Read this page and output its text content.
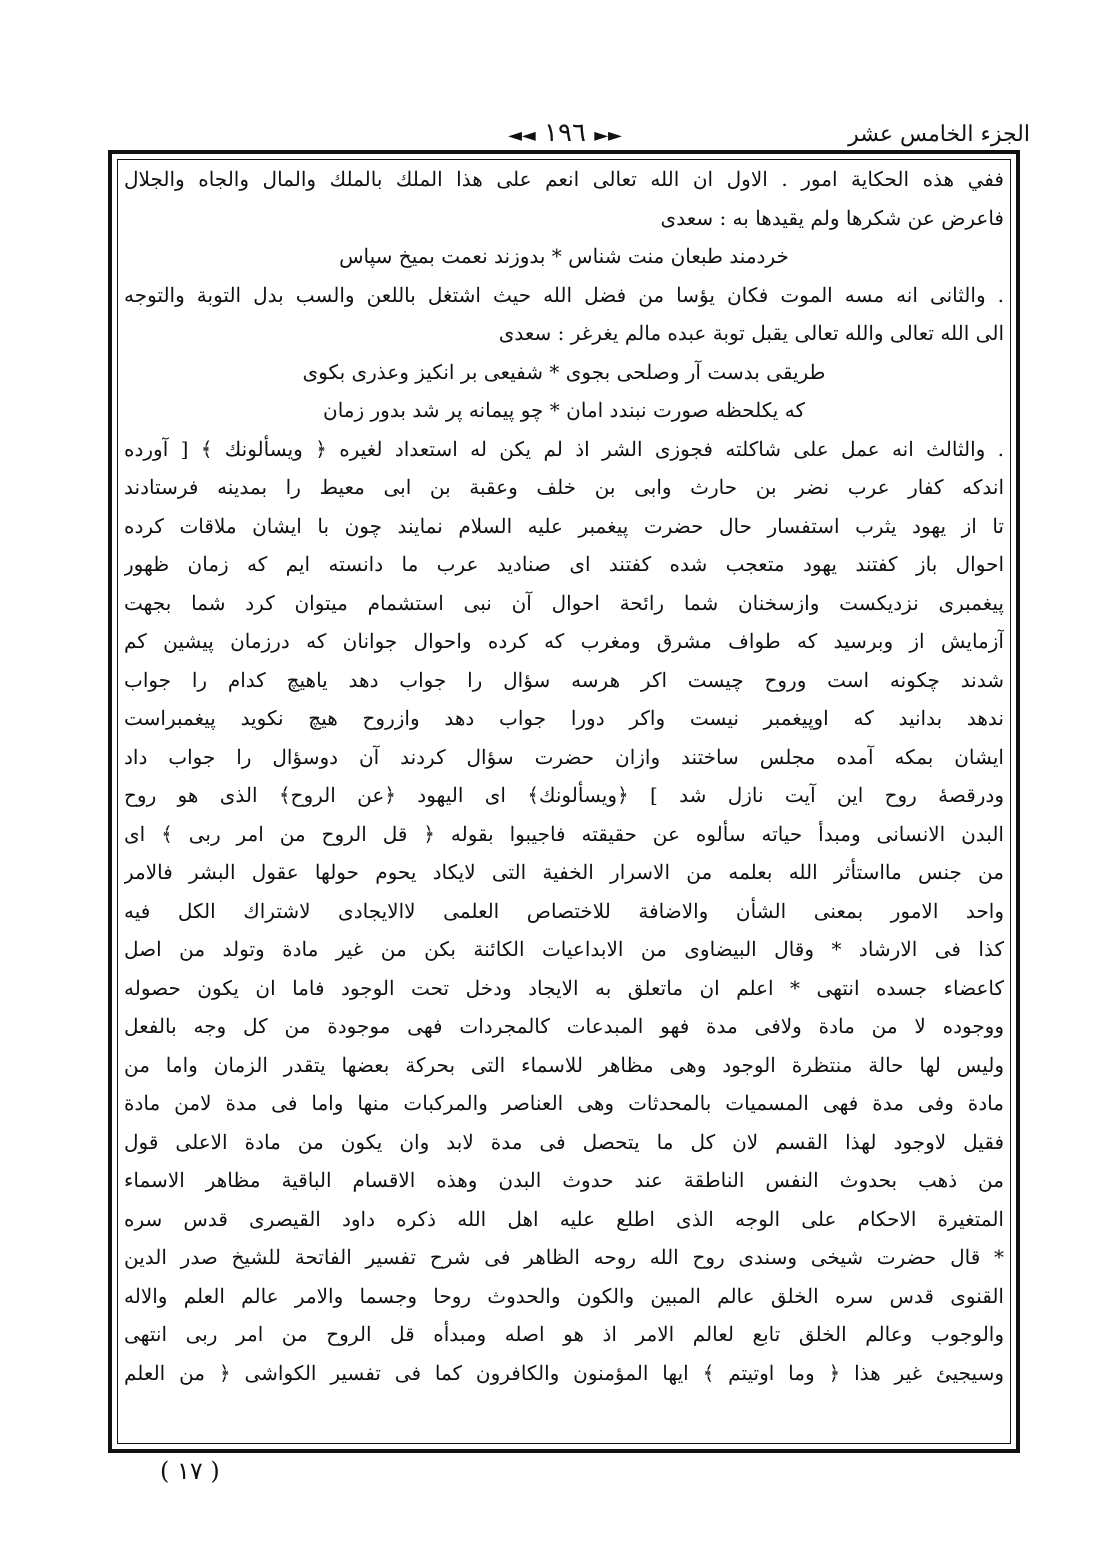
الجزء الخامس عشر
◄◄ ١٩٦ ►►
ففي هذه الحكاية امور . الاول ان الله تعالى انعم على هذا الملك بالملك والمال والجاه والجلال
فاعرض عن شكرها ولم يقيدها به : سعدى
خردمند طبعان منت شناس * بدوزند نعمت بميخ سپاس
. والثانى انه مسه الموت فكان يؤسا من فضل الله حيث اشتغل باللعن والسب بدل التوبة والتوجه
الى الله تعالى والله تعالى يقبل توبة عبده مالم يغرغر : سعدى
طريقى بدست آر وصلحى بجوى * شفيعى بر انكيز وعذرى بكوى
كه يكلحظه صورت نبندد امان * چو پيمانه پر شد بدور زمان
. والثالث انه عمل على شاكلته فجوزى الشر اذ لم يكن له استعداد لغيره ﴿ ويسألونك ﴾ [ آورده
اندكه كفار عرب نضر بن حارث وابى بن خلف وعقبة بن ابى معيط را بمدينه فرستادند
تا از يهود يثرب استفسار حال حضرت پيغمبر عليه السلام نمايند چون با ايشان ملاقات كرده
احوال باز كفتند يهود متعجب شده كفتند اى صناديد عرب ما دانسته ايم كه زمان ظهور
پيغمبرى نزديكست وازسخنان شما رائحة احوال آن نبى استشمام ميتوان كرد شما بجهت
آزمايش از وبرسيد كه طواف مشرق ومغرب كه كرده واحوال جوانان كه درزمان پيشين كم
شدند چكونه است وروح چيست اكر هرسه سؤال را جواب دهد ياهيچ كدام را جواب
ندهد بدانيد كه اوپيغمبر نيست واكر دورا جواب دهد وازروح هيچ نكويد پيغمبراست
ايشان بمكه آمده مجلس ساختند وازان حضرت سؤال كردند آن دوسؤال را جواب داد
ودرقصهٔ روح اين آيت نازل شد ] ﴿ويسألونك﴾ اى اليهود ﴿عن الروح﴾ الذى هو روح
البدن الانسانى ومبدأ حياته سألوه عن حقيقته فاجيبوا بقوله ﴿ قل الروح من امر ربى ﴾ اى
من جنس مااستأثر الله بعلمه من الاسرار الخفية التى لايكاد يحوم حولها عقول البشر فالامر
واحد الامور بمعنى الشأن والاضافة للاختصاص العلمى لاالايجادى لاشتراك الكل فيه
كذا فى الارشاد * وقال البيضاوى من الابداعيات الكائنة بكن من غير مادة وتولد من اصل
كاعضاء جسده انتهى * اعلم ان ماتعلق به الايجاد ودخل تحت الوجود فاما ان يكون حصوله
ووجوده لا من مادة ولافى مدة فهو المبدعات كالمجردات فهى موجودة من كل وجه بالفعل
وليس لها حالة منتظرة الوجود وهى مظاهر للاسماء التى بحركة بعضها يتقدر الزمان واما من
مادة وفى مدة فهى المسميات بالمحدثات وهى العناصر والمركبات منها واما فى مدة لامن مادة
فقيل لاوجود لهذا القسم لان كل ما يتحصل فى مدة لابد وان يكون من مادة الاعلى قول
من ذهب بحدوث النفس الناطقة عند حدوث البدن وهذه الاقسام الباقية مظاهر الاسماء
المتغيرة الاحكام على الوجه الذى اطلع عليه اهل الله ذكره داود القيصرى قدس سره
* قال حضرت شيخى وسندى روح الله روحه الظاهر فى شرح تفسير الفاتحة للشيخ صدر الدين
القنوى قدس سره الخلق عالم المبين والكون والحدوث روحا وجسما والامر عالم العلم والاله
والوجوب وعالم الخلق تابع لعالم الامر اذ هو اصله ومبدأه قل الروح من امر ربى انتهى
وسيجيئ غير هذا ﴿ وما اوتيتم ﴾ ايها المؤمنون والكافرون كما فى تفسير الكواشى ﴿ من العلم
( ١٧ )
